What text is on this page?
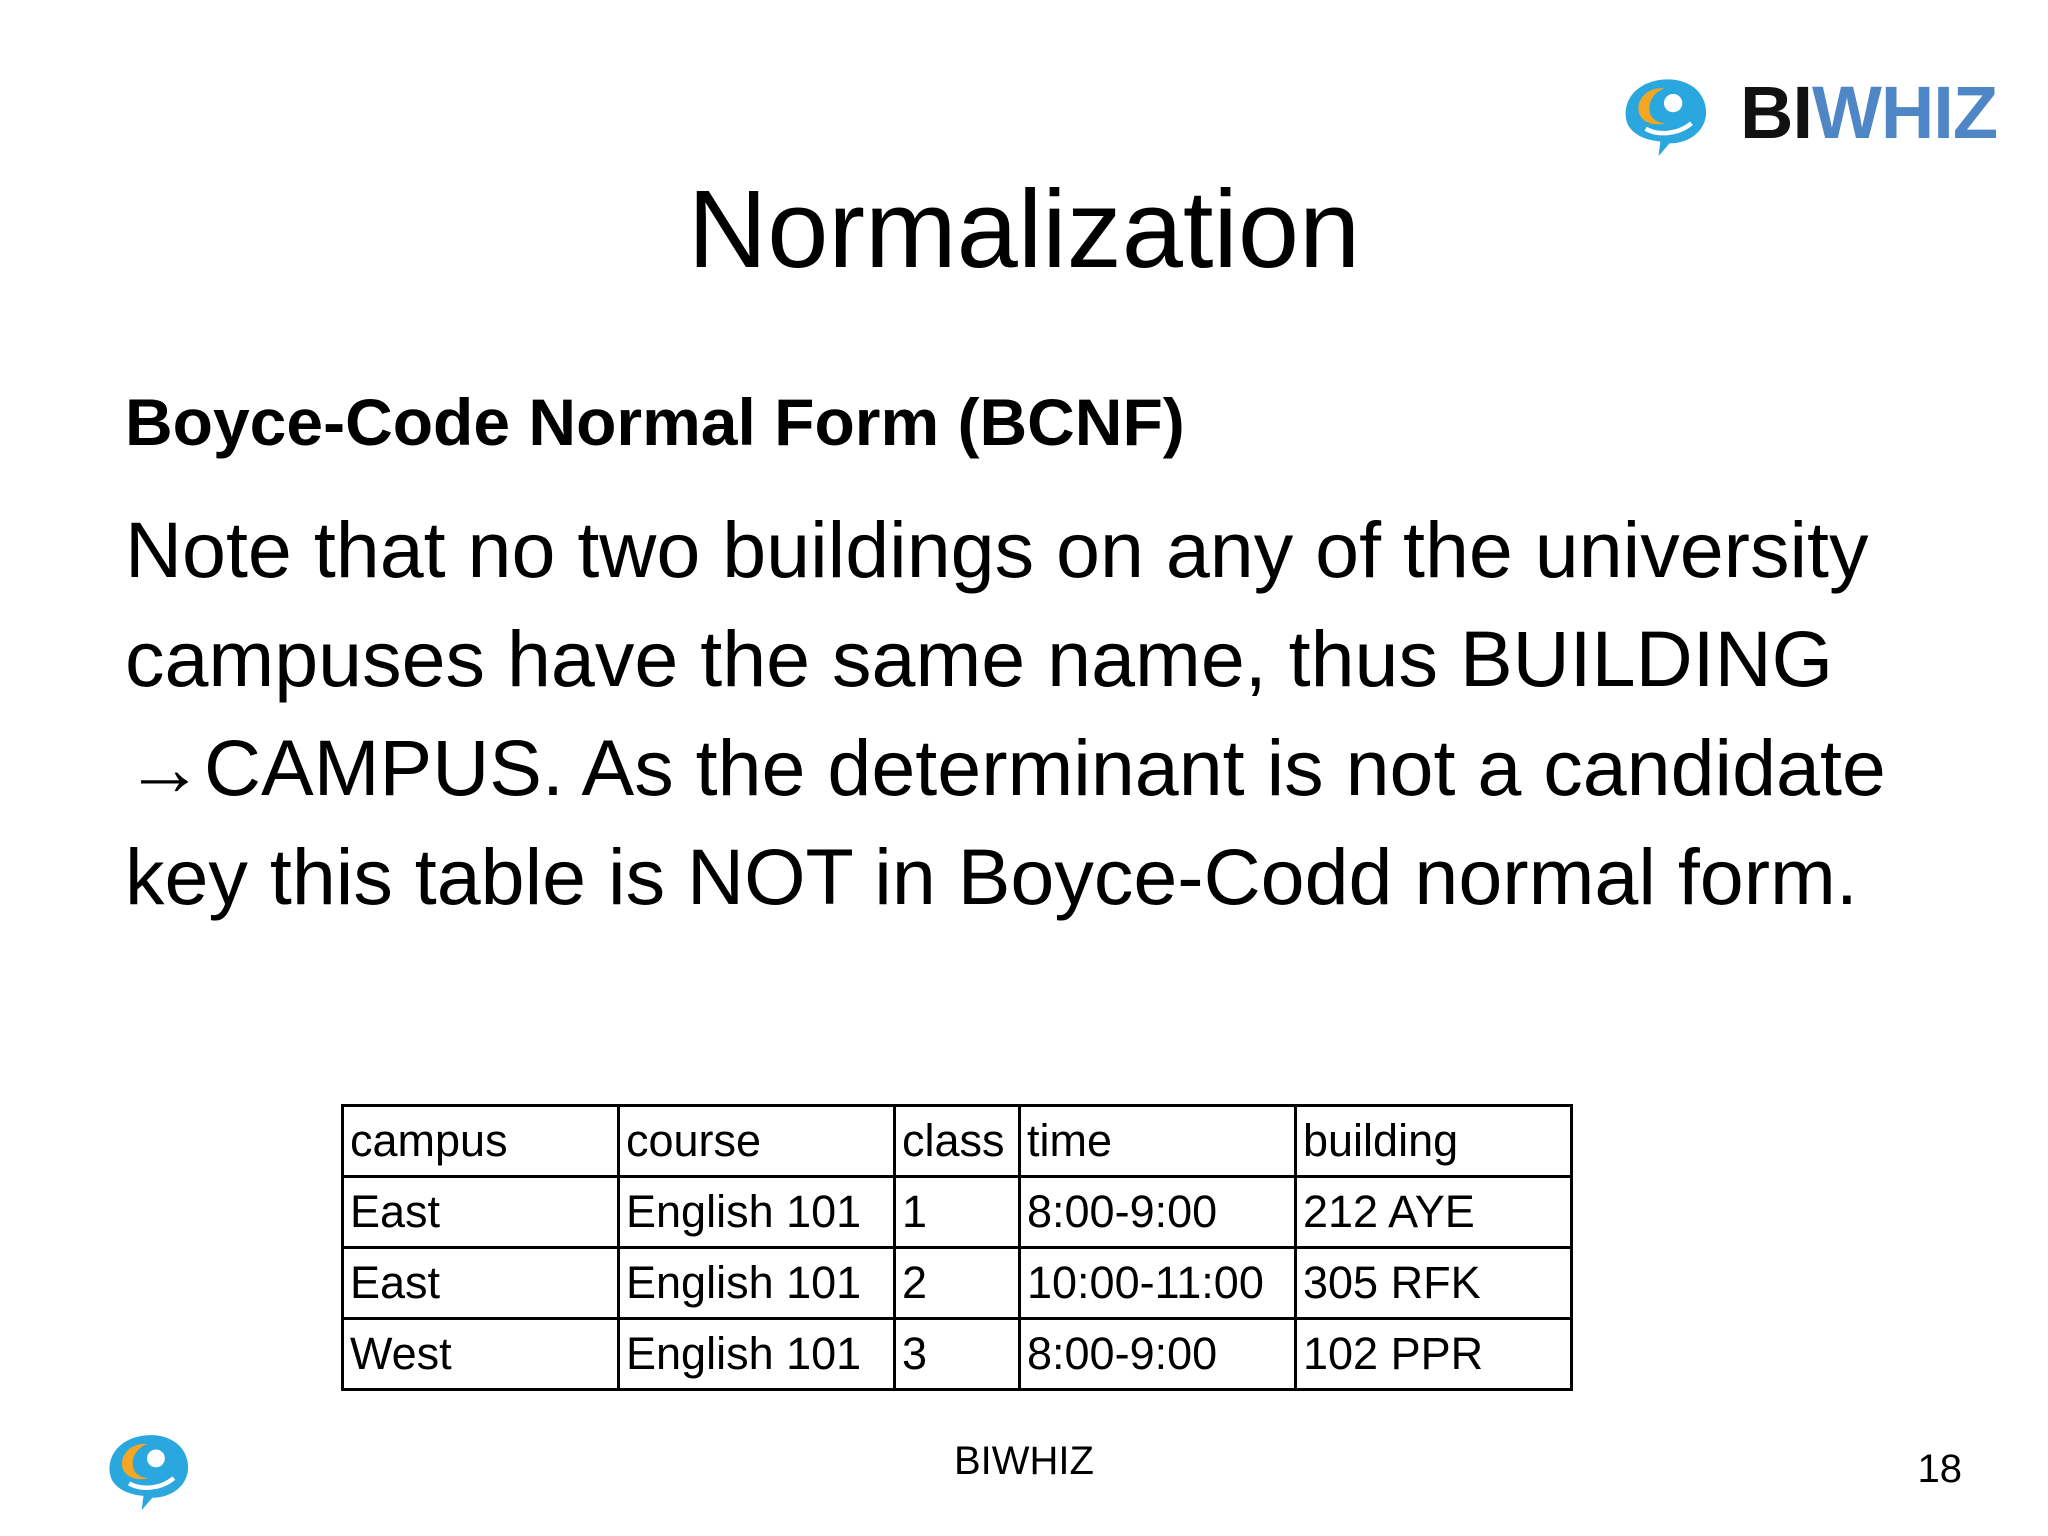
BIWHIZ
Normalization
Boyce-Code Normal Form (BCNF)

Note that no two buildings on any of the university campuses have the same name, thus BUILDING →CAMPUS. As the determinant is not a candidate key this table is NOT in Boyce-Codd normal form.

campus	course	class	time	building
East	English 101	1	8:00-9:00	212 AYE
East	English 101	2	10:00-11:00	305 RFK
West	English 101	3	8:00-9:00	102 PPR
BIWHIZ	18
